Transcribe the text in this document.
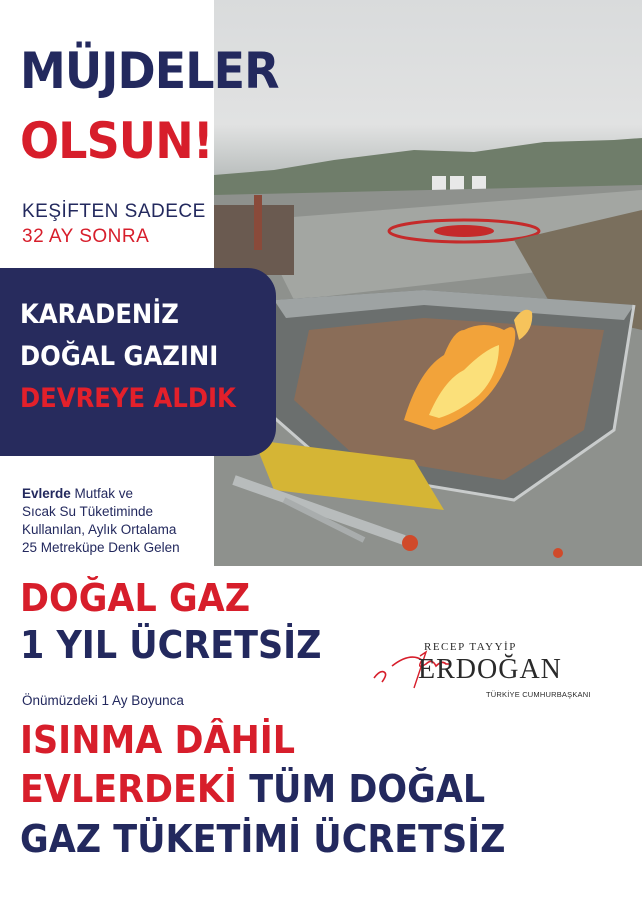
MÜJDELER
OLSUN!
KEŞİFTEN SADECE
32 AY SONRA
KARADENİZ
DOĞAL GAZINI
DEVREYE ALDIK
Evlerde Mutfak ve
Sıcak Su Tüketiminde
Kullanılan, Aylık Ortalama
25 Metreküpe Denk Gelen
DOĞAL GAZ
1 YIL ÜCRETSİZ
Önümüzdeki 1 Ay Boyunca
ISINMA DÂHİL
EVLERDEKİ TÜM DOĞAL
GAZ TÜKETİMİ ÜCRETSİZ
RECEP TAYYİP
ERDOĞAN
TÜRKİYE CUMHURBAŞKANI
